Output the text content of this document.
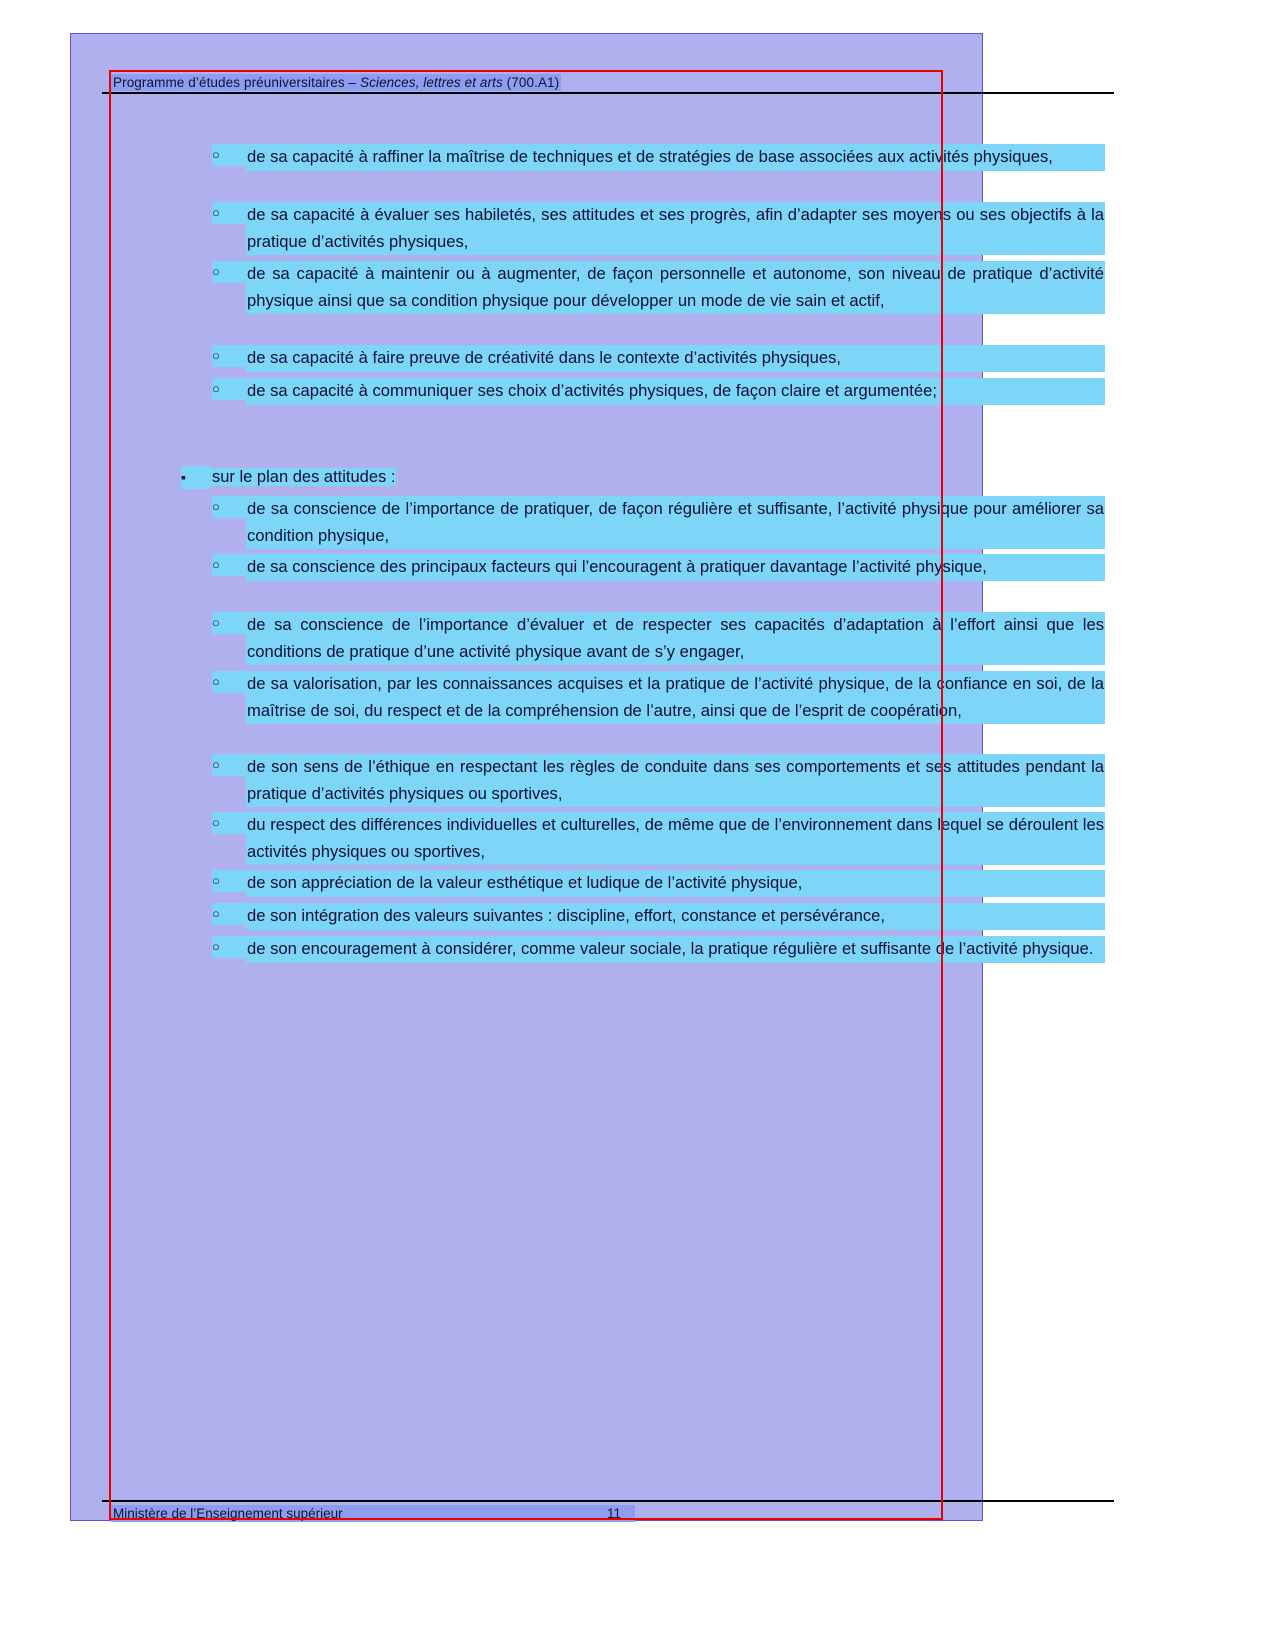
Programme d’études préuniversitaires – Sciences, lettres et arts (700.A1)
○	de sa capacité à raffiner la maîtrise de techniques et de stratégies de base associées aux activités physiques,
○	de sa capacité à évaluer ses habiletés, ses attitudes et ses progrès, afin d’adapter ses moyens ou ses objectifs à la pratique d’activités physiques,
○	de sa capacité à maintenir ou à augmenter, de façon personnelle et autonome, son niveau de pratique d’activité physique ainsi que sa condition physique pour développer un mode de vie sain et actif,
○	de sa capacité à faire preuve de créativité dans le contexte d’activités physiques,
○	de sa capacité à communiquer ses choix d’activités physiques, de façon claire et argumentée;
▪ sur le plan des attitudes :
○	de sa conscience de l’importance de pratiquer, de façon régulière et suffisante, l’activité physique pour améliorer sa condition physique,
○	de sa conscience des principaux facteurs qui l’encouragent à pratiquer davantage l’activité physique,
○	de sa conscience de l’importance d’évaluer et de respecter ses capacités d’adaptation à l’effort ainsi que les conditions de pratique d’une activité physique avant de s’y engager,
○	de sa valorisation, par les connaissances acquises et la pratique de l’activité physique, de la confiance en soi, de la maîtrise de soi, du respect et de la compréhension de l’autre, ainsi que de l’esprit de coopération,
○	de son sens de l’éthique en respectant les règles de conduite dans ses comportements et ses attitudes pendant la pratique d’activités physiques ou sportives,
○	du respect des différences individuelles et culturelles, de même que de l’environnement dans lequel se déroulent les activités physiques ou sportives,
○	de son appréciation de la valeur esthétique et ludique de l’activité physique,
○	de son intégration des valeurs suivantes : discipline, effort, constance et persévérance,
○	de son encouragement à considérer, comme valeur sociale, la pratique régulière et suffisante de l’activité physique.
Ministère de l’Enseignement supérieur	11
